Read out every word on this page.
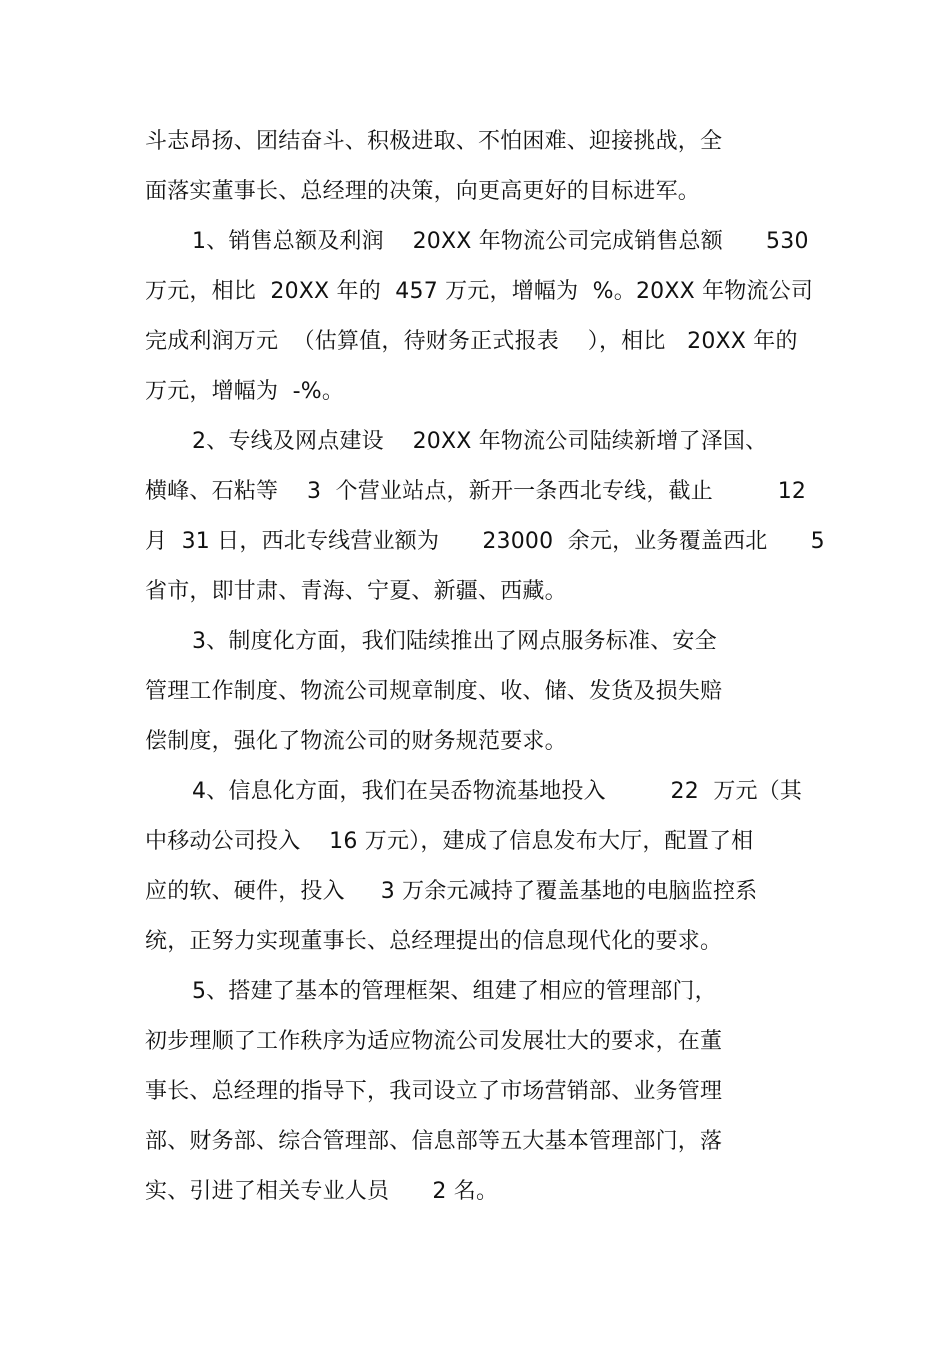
斗志昂扬、团结奋斗、积极进取、不怕困难、迎接挑战，全
面落实董事长、总经理的决策，向更高更好的目标进军。
1、销售总额及利润    20XX 年物流公司完成销售总额      530
万元，相比  20XX 年的  457 万元，增幅为  %。20XX 年物流公司
完成利润万元  （估算值，待财务正式报表    ），相比   20XX 年的
万元，增幅为  -%。
2、专线及网点建设    20XX 年物流公司陆续新增了泽国、
横峰、石粘等    3  个营业站点，新开一条西北专线，截止         12
月  31 日，西北专线营业额为      23000  余元，业务覆盖西北      5
省市，即甘肃、青海、宁夏、新疆、西藏。
3、制度化方面，我们陆续推出了网点服务标准、安全
管理工作制度、物流公司规章制度、收、储、发货及损失赔
偿制度，强化了物流公司的财务规范要求。
4、信息化方面，我们在吴岙物流基地投入         22  万元（其
中移动公司投入    16 万元），建成了信息发布大厅，配置了相
应的软、硬件，投入     3 万余元减持了覆盖基地的电脑监控系
统，正努力实现董事长、总经理提出的信息现代化的要求。
5、搭建了基本的管理框架、组建了相应的管理部门，
初步理顺了工作秩序为适应物流公司发展壮大的要求，在董
事长、总经理的指导下，我司设立了市场营销部、业务管理
部、财务部、综合管理部、信息部等五大基本管理部门，落
实、引进了相关专业人员      2 名。
